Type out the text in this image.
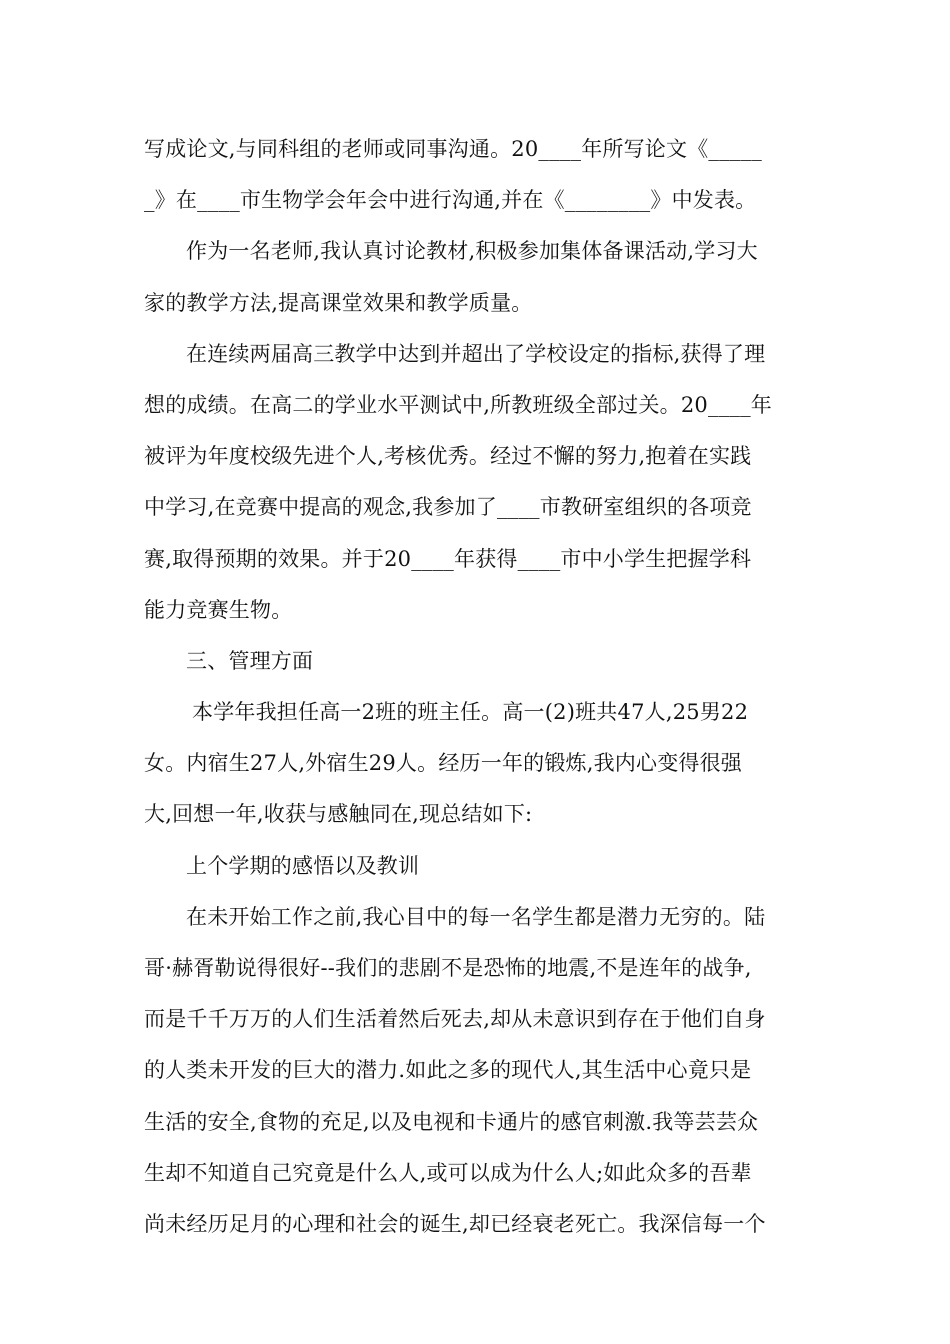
写成论文,与同科组的老师或同事沟通。20____年所写论文《_____
_》在____市生物学会年会中进行沟通,并在《________》中发表。
作为一名老师,我认真讨论教材,积极参加集体备课活动,学习大
家的教学方法,提高课堂效果和教学质量。
在连续两届高三教学中达到并超出了学校设定的指标,获得了理
想的成绩。在高二的学业水平测试中,所教班级全部过关。20____年
被评为年度校级先进个人,考核优秀。经过不懈的努力,抱着在实践
中学习,在竞赛中提高的观念,我参加了____市教研室组织的各项竞
赛,取得预期的效果。并于20____年获得____市中小学生把握学科
能力竞赛生物。
三、管理方面
本学年我担任高一2班的班主任。高一(2)班共47人,25男22
女。内宿生27人,外宿生29人。经历一年的锻炼,我内心变得很强
大,回想一年,收获与感触同在,现总结如下:
上个学期的感悟以及教训
在未开始工作之前,我心目中的每一名学生都是潜力无穷的。陆
哥·赫胥勒说得很好--我们的悲剧不是恐怖的地震,不是连年的战争,
而是千千万万的人们生活着然后死去,却从未意识到存在于他们自身
的人类未开发的巨大的潜力.如此之多的现代人,其生活中心竟只是
生活的安全,食物的充足,以及电视和卡通片的感官刺激.我等芸芸众
生却不知道自己究竟是什么人,或可以成为什么人;如此众多的吾辈
尚未经历足月的心理和社会的诞生,却已经衰老死亡。我深信每一个
